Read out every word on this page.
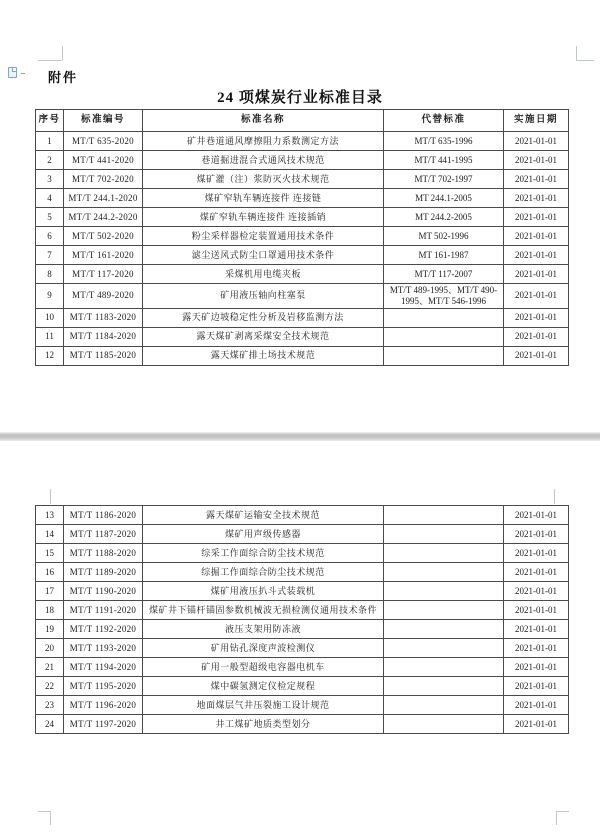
附件
24 项煤炭行业标准目录
序号	标准编号	标准名称	代替标准	实施日期
1	MT/T 635-2020	矿井巷道通风摩擦阻力系数测定方法	MT/T 635-1996	2021-01-01
2	MT/T 441-2020	巷道掘进混合式通风技术规范	MT/T 441-1995	2021-01-01
3	MT/T 702-2020	煤矿灌（注）浆防灭火技术规范	MT/T 702-1997	2021-01-01
4	MT/T 244.1-2020	煤矿窄轨车辆连接件 连接链	MT 244.1-2005	2021-01-01
5	MT/T 244.2-2020	煤矿窄轨车辆连接件 连接插销	MT 244.2-2005	2021-01-01
6	MT/T 502-2020	粉尘采样器检定装置通用技术条件	MT 502-1996	2021-01-01
7	MT/T 161-2020	滤尘送风式防尘口罩通用技术条件	MT 161-1987	2021-01-01
8	MT/T 117-2020	采煤机用电缆夹板	MT/T 117-2007	2021-01-01
9	MT/T 489-2020	矿用液压轴向柱塞泵	MT/T 489-1995、MT/T 490-1995、MT/T 546-1996	2021-01-01
10	MT/T 1183-2020	露天矿边坡稳定性分析及岩移监测方法		2021-01-01
11	MT/T 1184-2020	露天煤矿剥离采煤安全技术规范		2021-01-01
12	MT/T 1185-2020	露天煤矿排土场技术规范		2021-01-01
13	MT/T 1186-2020	露天煤矿运输安全技术规范		2021-01-01
14	MT/T 1187-2020	煤矿用声级传感器		2021-01-01
15	MT/T 1188-2020	综采工作面综合防尘技术规范		2021-01-01
16	MT/T 1189-2020	综掘工作面综合防尘技术规范		2021-01-01
17	MT/T 1190-2020	煤矿用液压扒斗式装载机		2021-01-01
18	MT/T 1191-2020	煤矿井下锚杆锚固参数机械波无损检测仪通用技术条件		2021-01-01
19	MT/T 1192-2020	液压支架用防冻液		2021-01-01
20	MT/T 1193-2020	矿用钻孔深度声波检测仪		2021-01-01
21	MT/T 1194-2020	矿用一般型超级电容器电机车		2021-01-01
22	MT/T 1195-2020	煤中碳氢测定仪检定规程		2021-01-01
23	MT/T 1196-2020	地面煤层气井压裂施工设计规范		2021-01-01
24	MT/T 1197-2020	井工煤矿地质类型划分		2021-01-01
